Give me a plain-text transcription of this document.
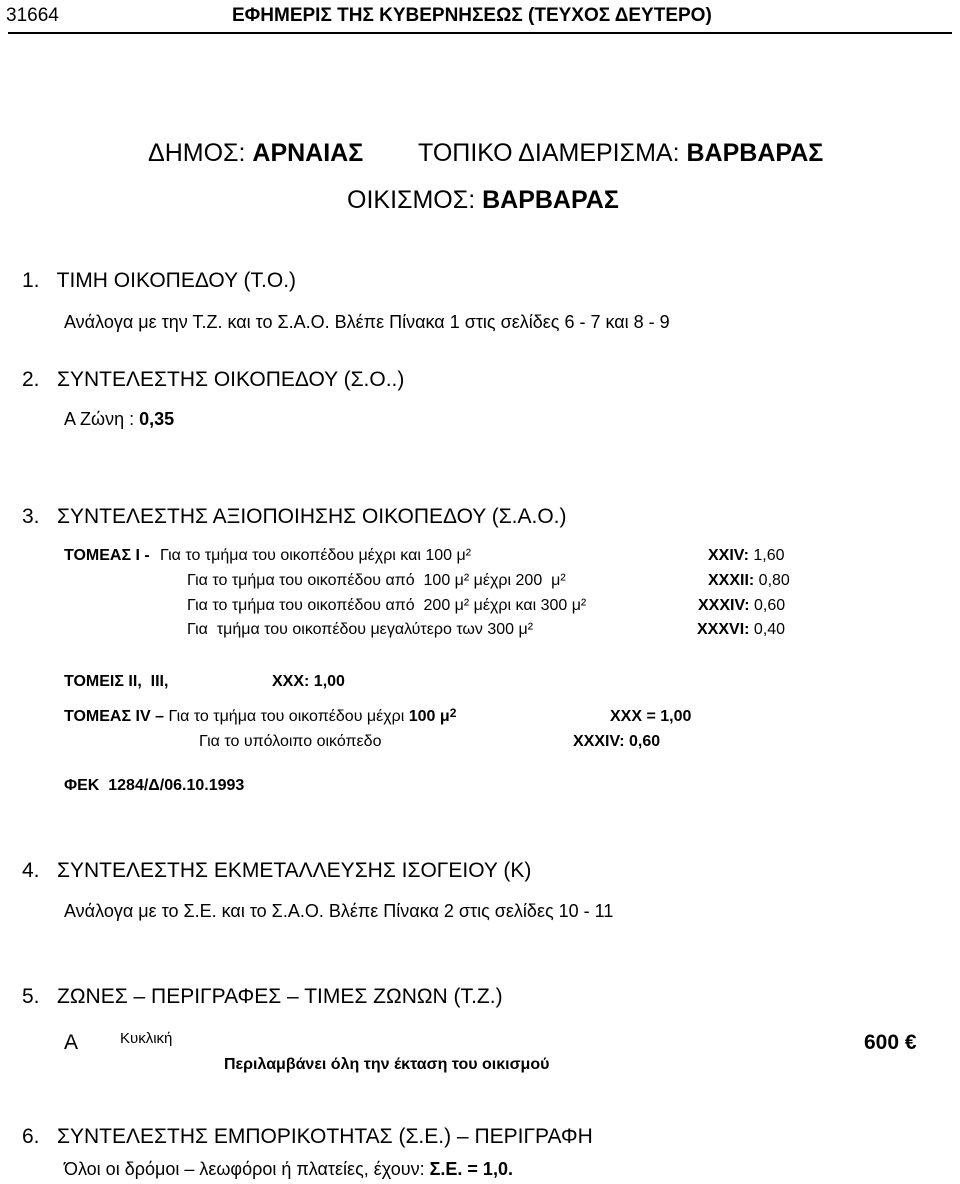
31664	ΕΦΗΜΕΡΙΣ ΤΗΣ ΚΥΒΕΡΝΗΣΕΩΣ (ΤΕΥΧΟΣ ΔΕΥΤΕΡΟ)
ΔΗΜΟΣ: ΑΡΝΑΙΑΣ ΤΟΠΙΚΟ ΔΙΑΜΕΡΙΣΜΑ: ΒΑΡΒΑΡΑΣ
ΟΙΚΙΣΜΟΣ: ΒΑΡΒΑΡΑΣ
1.   ΤΙΜΗ ΟΙΚΟΠΕΔΟΥ (Τ.Ο.)
Ανάλογα με την Τ.Ζ. και το Σ.Α.Ο. Βλέπε Πίνακα 1 στις σελίδες 6 - 7 και 8 - 9
2.   ΣΥΝΤΕΛΕΣΤΗΣ ΟΙΚΟΠΕΔΟΥ (Σ.Ο..)
Α Ζώνη : 0,35
3.   ΣΥΝΤΕΛΕΣΤΗΣ ΑΞΙΟΠΟΙΗΣΗΣ ΟΙΚΟΠΕΔΟΥ (Σ.Α.Ο.)
ΤΟΜΕΑΣ Ι - Για το τμήμα του οικοπέδου μέχρι και 100 μ²	XXIV: 1,60
Για το τμήμα του οικοπέδου από  100 μ² μέχρι 200  μ²	XXXII: 0,80
Για το τμήμα του οικοπέδου από  200 μ² μέχρι και 300 μ²	XXXIV: 0,60
Για  τμήμα του οικοπέδου μεγαλύτερο των 300 μ²	XXXVI: 0,40
ΤΟΜΕΙΣ ΙΙ,  ΙΙΙ,	XXX: 1,00
ΤΟΜΕΑΣ IV – Για το τμήμα του οικοπέδου μέχρι 100 $\mu^2$	XXX = 1,00
Για το υπόλοιπο οικόπεδο	XXXIV: 0,60
ΦΕΚ  1284/Δ/06.10.1993
4.   ΣΥΝΤΕΛΕΣΤΗΣ ΕΚΜΕΤΑΛΛΕΥΣΗΣ ΙΣΟΓΕΙΟΥ (Κ)
Ανάλογα με το Σ.Ε. και το Σ.Α.Ο. Βλέπε Πίνακα 2 στις σελίδες 10 - 11
5.   ΖΩΝΕΣ – ΠΕΡΙΓΡΑΦΕΣ – ΤΙΜΕΣ ΖΩΝΩΝ (Τ.Ζ.)
Α	Κυκλική	600 €
Περιλαμβάνει όλη την έκταση του οικισμού
6.   ΣΥΝΤΕΛΕΣΤΗΣ ΕΜΠΟΡΙΚΟΤΗΤΑΣ (Σ.Ε.) – ΠΕΡΙΓΡΑΦΗ
Όλοι οι δρόμοι – λεωφόροι ή πλατείες, έχουν: Σ.Ε. = 1,0.
